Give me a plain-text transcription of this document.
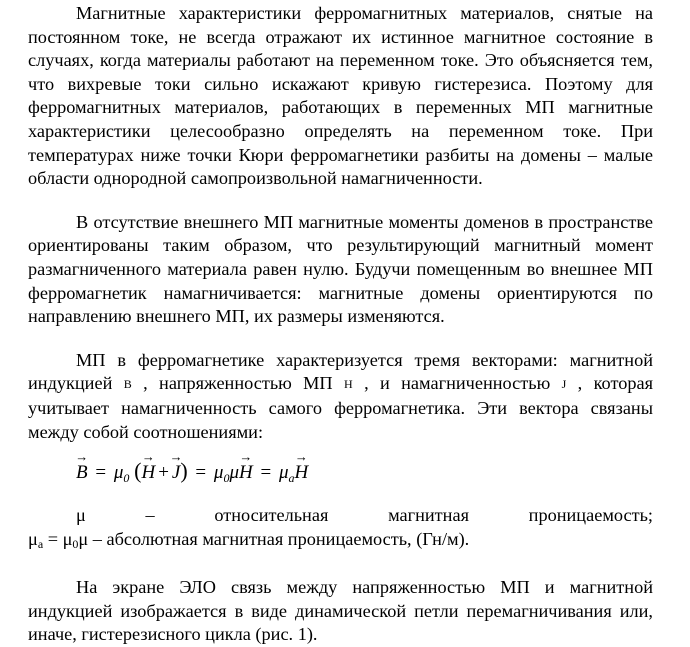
Магнитные характеристики ферромагнитных материалов, снятые на постоянном токе, не всегда отражают их истинное магнитное состояние в случаях, когда материалы работают на переменном токе. Это объясняется тем, что вихревые токи сильно искажают кривую гистерезиса. Поэтому для ферромагнитных материалов, работающих в переменных МП магнитные характеристики целесообразно определять на переменном токе. При температурах ниже точки Кюри ферромагнетики разбиты на домены – малые области однородной самопроизвольной намагниченности.

В отсутствие внешнего МП магнитные моменты доменов в пространстве ориентированы таким образом, что результирующий магнитный момент размагниченного материала равен нулю. Будучи помещенным во внешнее МП ферромагнетик намагничивается: магнитные домены ориентируются по направлению внешнего МП, их размеры изменяются.

МП в ферромагнетике характеризуется тремя векторами: магнитной индукцией B , напряженностью МП H , и намагниченностью J , которая учитывает намагниченность самого ферромагнетика. Эти вектора связаны между собой соотношениями:

→ $B = \mu_0$ (→ $H +\to J) = \mu_0\mu\to H = \mu_a\to H$
μ	–	относительная	магнитная	проницаемость;

μa = μ0μ – абсолютная магнитная проницаемость, (Гн/м).

На экране ЭЛО связь между напряженностью МП и магнитной индукцией изображается в виде динамической петли перемагничивания или, иначе, гистерезисного цикла (рис. 1).
